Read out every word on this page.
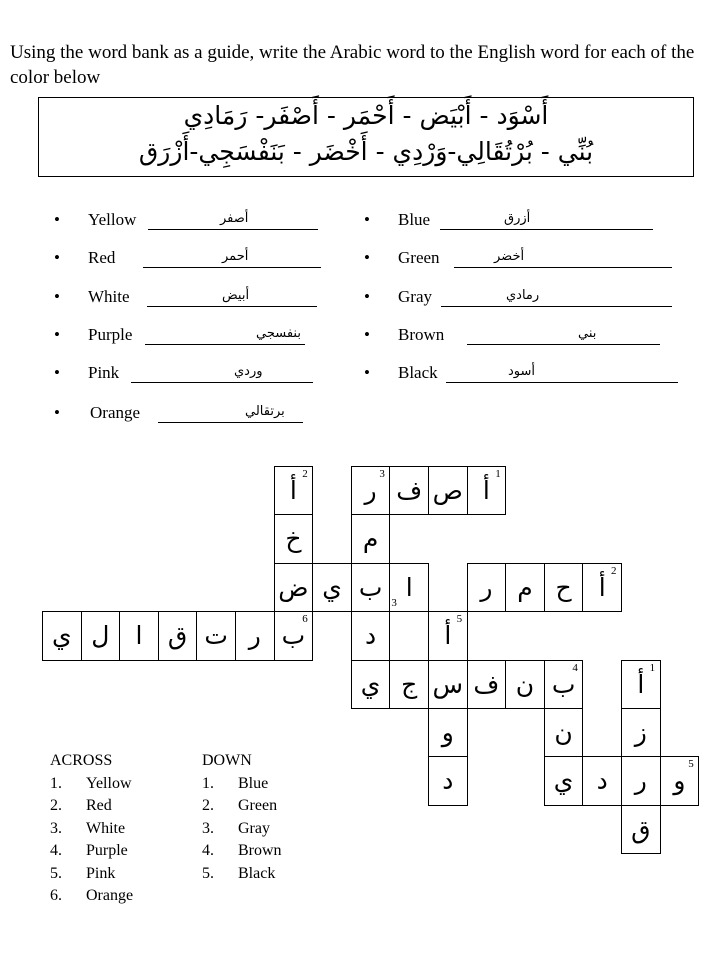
Using the word bank as a guide, write the Arabic word to the English word for each of the color below
أَسْوَد - أَبْيَض - أَحْمَر - أَصْفَر- رَمَادِي
بُنِّي - بُرْتُقَالِي-وَرْدِي - أَخْضَر - بَنَفْسَجِي-أَزْرَق
• Yellow	أصفر
• Red	أحمر
• White	أبيض
• Purple	بنفسجي
• Pink	وردي
• Orange	برتقالي
• Blue	أزرق
• Green	أخضر
• Gray	رمادي
• Brown	بني
• Black	أسود
أ	ر ف ص أ
خ	م
ض ي ب ا	ر م ح	أ
ي ل	ا	ق ت ر ب	د	أ
ي ج س ف ن ب	أ
و	ن	ز
د	ي د	ر	و
ق
2	3	1
3
2
6	5
4	1
5
ACROSS
1. Yellow
2. Red
3. White
4. Purple
5. Pink
6. Orange
DOWN
1. Blue
2. Green
3. Gray
4. Brown
5. Black
